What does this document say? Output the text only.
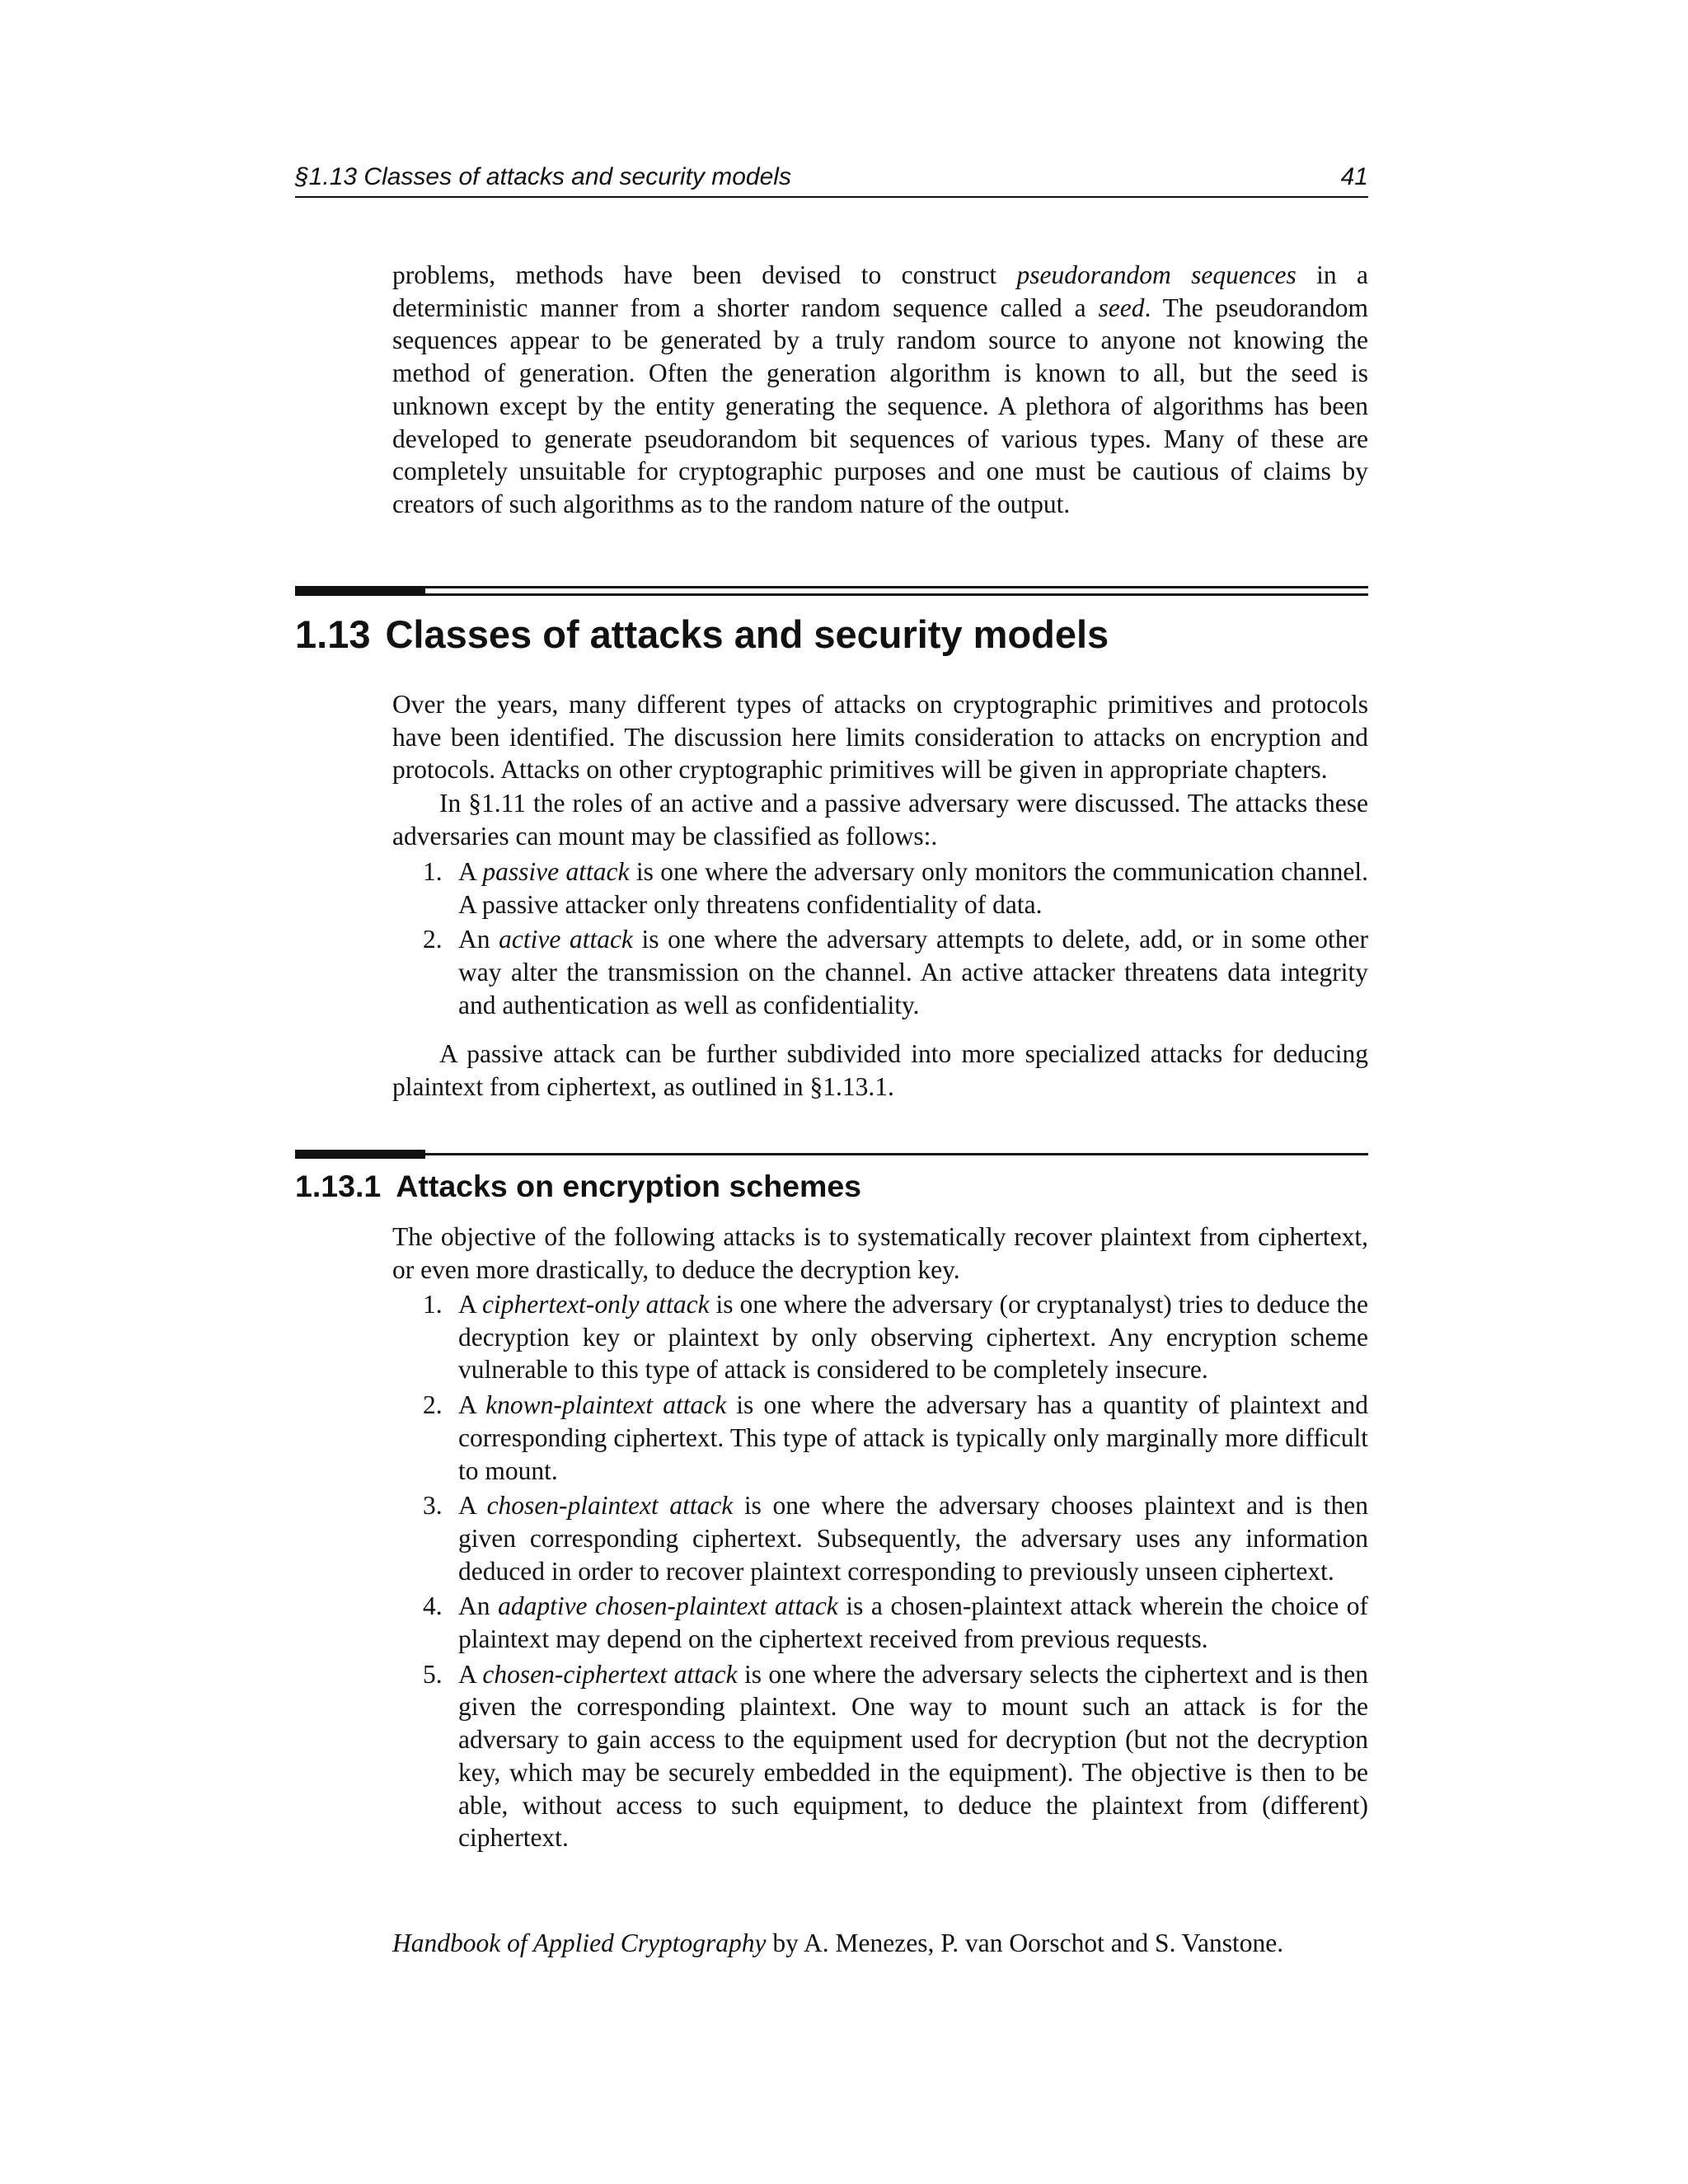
§1.13 Classes of attacks and security models	41

problems, methods have been devised to construct pseudorandom sequences in a deterministic manner from a shorter random sequence called a seed. The pseudorandom sequences appear to be generated by a truly random source to anyone not knowing the method of generation. Often the generation algorithm is known to all, but the seed is unknown except by the entity generating the sequence. A plethora of algorithms has been developed to generate pseudorandom bit sequences of various types. Many of these are completely unsuitable for cryptographic purposes and one must be cautious of claims by creators of such algorithms as to the random nature of the output.

1.13 Classes of attacks and security models

Over the years, many different types of attacks on cryptographic primitives and protocols have been identified. The discussion here limits consideration to attacks on encryption and protocols. Attacks on other cryptographic primitives will be given in appropriate chapters.

In §1.11 the roles of an active and a passive adversary were discussed. The attacks these adversaries can mount may be classified as follows:.

1. A passive attack is one where the adversary only monitors the communication channel. A passive attacker only threatens confidentiality of data.
2. An active attack is one where the adversary attempts to delete, add, or in some other way alter the transmission on the channel. An active attacker threatens data integrity and authentication as well as confidentiality.

A passive attack can be further subdivided into more specialized attacks for deducing plaintext from ciphertext, as outlined in §1.13.1.

1.13.1 Attacks on encryption schemes

The objective of the following attacks is to systematically recover plaintext from ciphertext, or even more drastically, to deduce the decryption key.

1. A ciphertext-only attack is one where the adversary (or cryptanalyst) tries to deduce the decryption key or plaintext by only observing ciphertext. Any encryption scheme vulnerable to this type of attack is considered to be completely insecure.
2. A known-plaintext attack is one where the adversary has a quantity of plaintext and corresponding ciphertext. This type of attack is typically only marginally more difficult to mount.
3. A chosen-plaintext attack is one where the adversary chooses plaintext and is then given corresponding ciphertext. Subsequently, the adversary uses any information deduced in order to recover plaintext corresponding to previously unseen ciphertext.
4. An adaptive chosen-plaintext attack is a chosen-plaintext attack wherein the choice of plaintext may depend on the ciphertext received from previous requests.
5. A chosen-ciphertext attack is one where the adversary selects the ciphertext and is then given the corresponding plaintext. One way to mount such an attack is for the adversary to gain access to the equipment used for decryption (but not the decryption key, which may be securely embedded in the equipment). The objective is then to be able, without access to such equipment, to deduce the plaintext from (different) ciphertext.
Handbook of Applied Cryptography by A. Menezes, P. van Oorschot and S. Vanstone.
